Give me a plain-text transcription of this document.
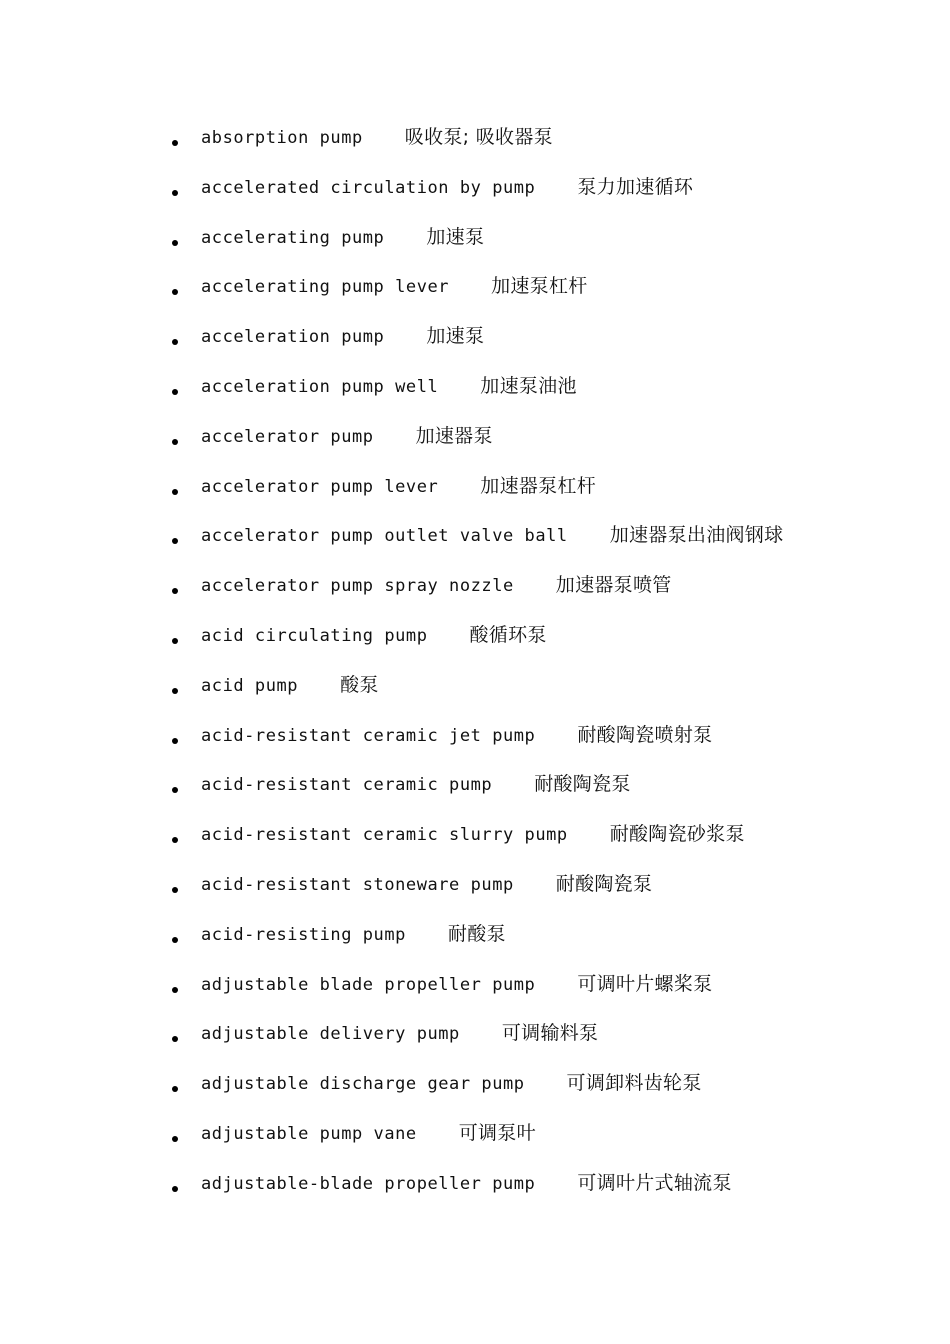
absorption pump 吸收泵; 吸收器泵
accelerated circulation by pump 泵力加速循环
accelerating pump 加速泵
accelerating pump lever 加速泵杠杆
acceleration pump 加速泵
acceleration pump well 加速泵油池
accelerator pump 加速器泵
accelerator pump lever 加速器泵杠杆
accelerator pump outlet valve ball 加速器泵出油阀钢球
accelerator pump spray nozzle 加速器泵喷管
acid circulating pump 酸循环泵
acid pump 酸泵
acid-resistant ceramic jet pump 耐酸陶瓷喷射泵
acid-resistant ceramic pump 耐酸陶瓷泵
acid-resistant ceramic slurry pump 耐酸陶瓷砂浆泵
acid-resistant stoneware pump 耐酸陶瓷泵
acid-resisting pump 耐酸泵
adjustable blade propeller pump 可调叶片螺桨泵
adjustable delivery pump 可调输料泵
adjustable discharge gear pump 可调卸料齿轮泵
adjustable pump vane 可调泵叶
adjustable-blade propeller pump 可调叶片式轴流泵
